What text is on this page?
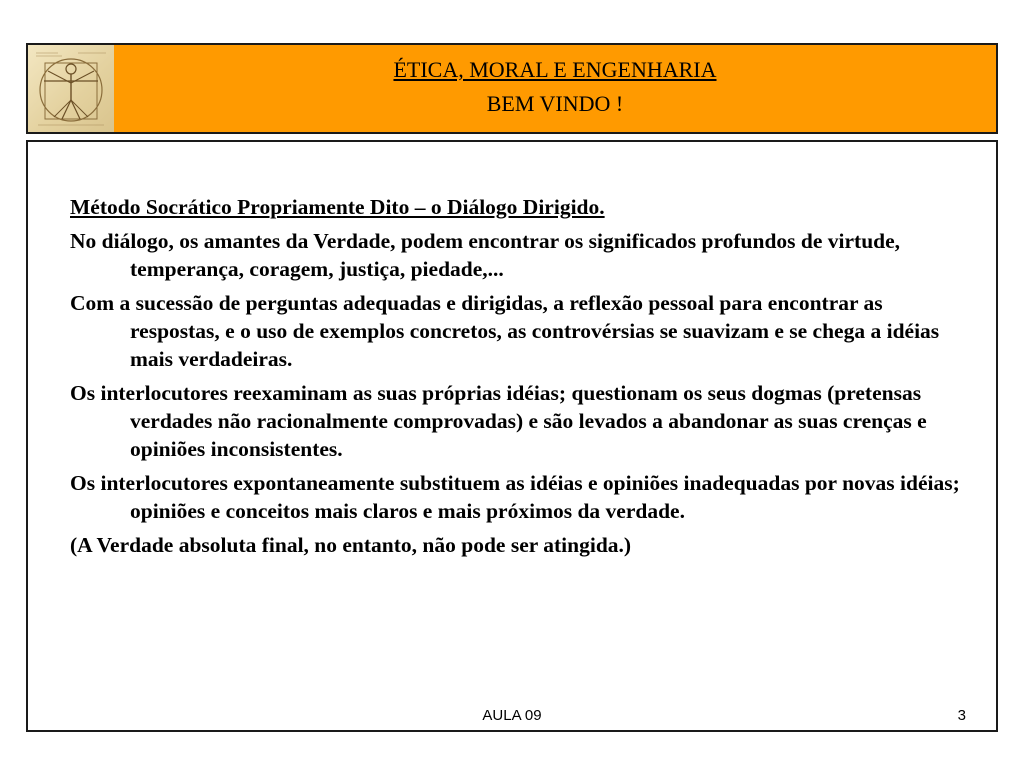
ÉTICA, MORAL E ENGENHARIA
BEM VINDO !
Método Socrático Propriamente Dito – o Diálogo Dirigido.
No diálogo, os amantes da Verdade, podem encontrar os significados profundos de virtude, temperança, coragem, justiça, piedade,...
Com a sucessão de perguntas adequadas e dirigidas, a reflexão pessoal para encontrar as respostas, e o uso de exemplos concretos, as controvérsias se suavizam e se chega a idéias mais verdadeiras.
Os interlocutores reexaminam as suas próprias idéias; questionam os seus dogmas (pretensas verdades não racionalmente comprovadas) e são levados a abandonar as suas crenças e opiniões inconsistentes.
Os interlocutores expontaneamente substituem as idéias e opiniões inadequadas por novas idéias; opiniões e conceitos mais claros e mais próximos da verdade.
(A Verdade absoluta final, no entanto, não pode ser atingida.)
AULA 09	3
